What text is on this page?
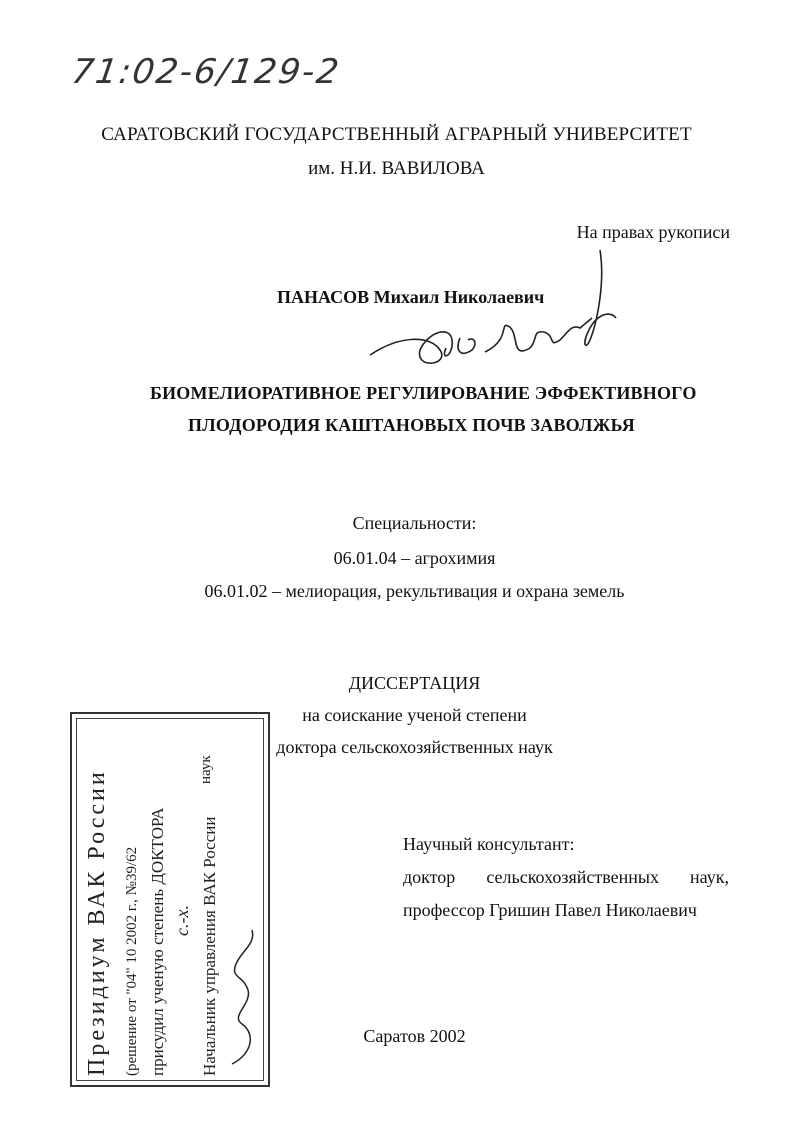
71:02-6/129-2
САРАТОВСКИЙ ГОСУДАРСТВЕННЫЙ АГРАРНЫЙ УНИВЕРСИТЕТ
им. Н.И. ВАВИЛОВА
На правах рукописи
ПАНАСОВ Михаил Николаевич
БИОМЕЛИОРАТИВНОЕ РЕГУЛИРОВАНИЕ ЭФФЕКТИВНОГО
ПЛОДОРОДИЯ КАШТАНОВЫХ ПОЧВ ЗАВОЛЖЬЯ
Специальности:
06.01.04 – агрохимия
06.01.02 – мелиорация, рекультивация и охрана земель
ДИССЕРТАЦИЯ
на соискание ученой степени
доктора сельскохозяйственных наук
Научный консультант:
доктор сельскохозяйственных наук,
профессор Гришин Павел Николаевич
Саратов 2002
Президиум ВАК России (решение от "04" 10 2002 г., №39/62 присудил ученую степень ДОКТОРА с.-х.
наук
Начальник управления ВАК России
